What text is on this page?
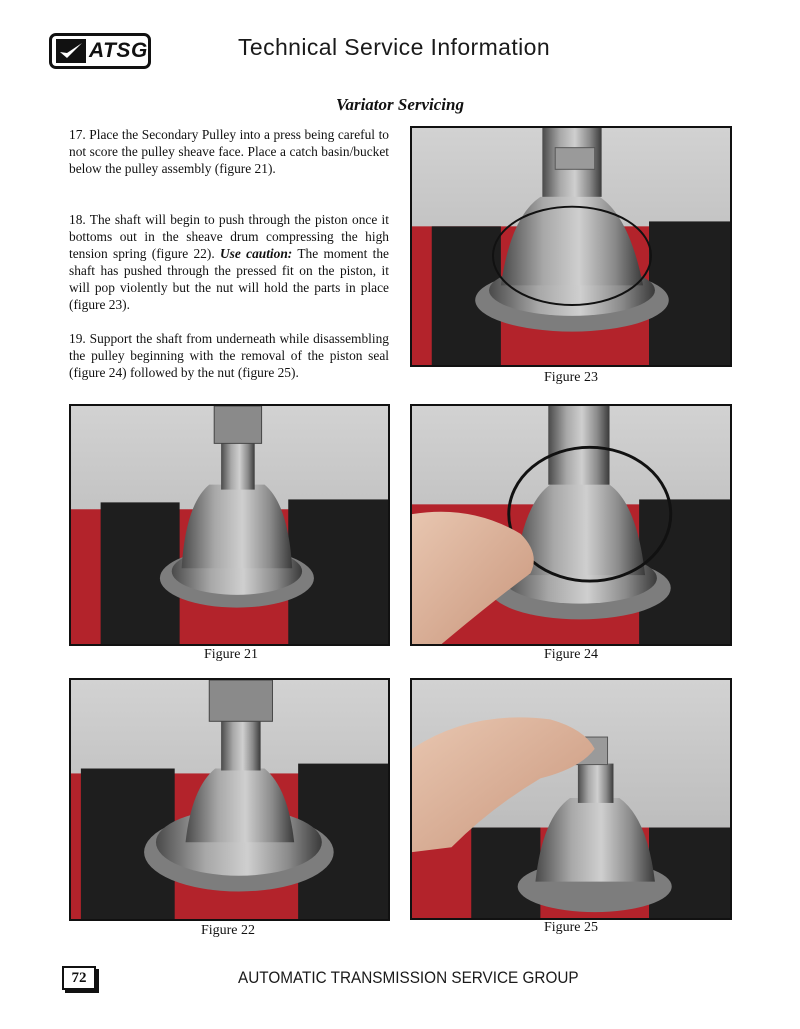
ATSG	Technical Service Information
Variator Servicing

17. Place the Secondary Pulley into a press being careful to not score the pulley sheave face. Place a catch basin/bucket below the pulley assembly (figure 21).

18. The shaft will begin to push through the piston once it bottoms out in the sheave drum compressing the high tension spring (figure 22). Use caution: The moment the shaft has pushed through the pressed fit on the piston, it will pop violently but the nut will hold the parts in place (figure 23).

19. Support the shaft from underneath while disassembling the pulley beginning with the removal of the piston seal (figure 24) followed by the nut (figure 25).	Figure 23
Figure 21	Figure 24
Figure 22	Figure 25
72	AUTOMATIC TRANSMISSION SERVICE GROUP
